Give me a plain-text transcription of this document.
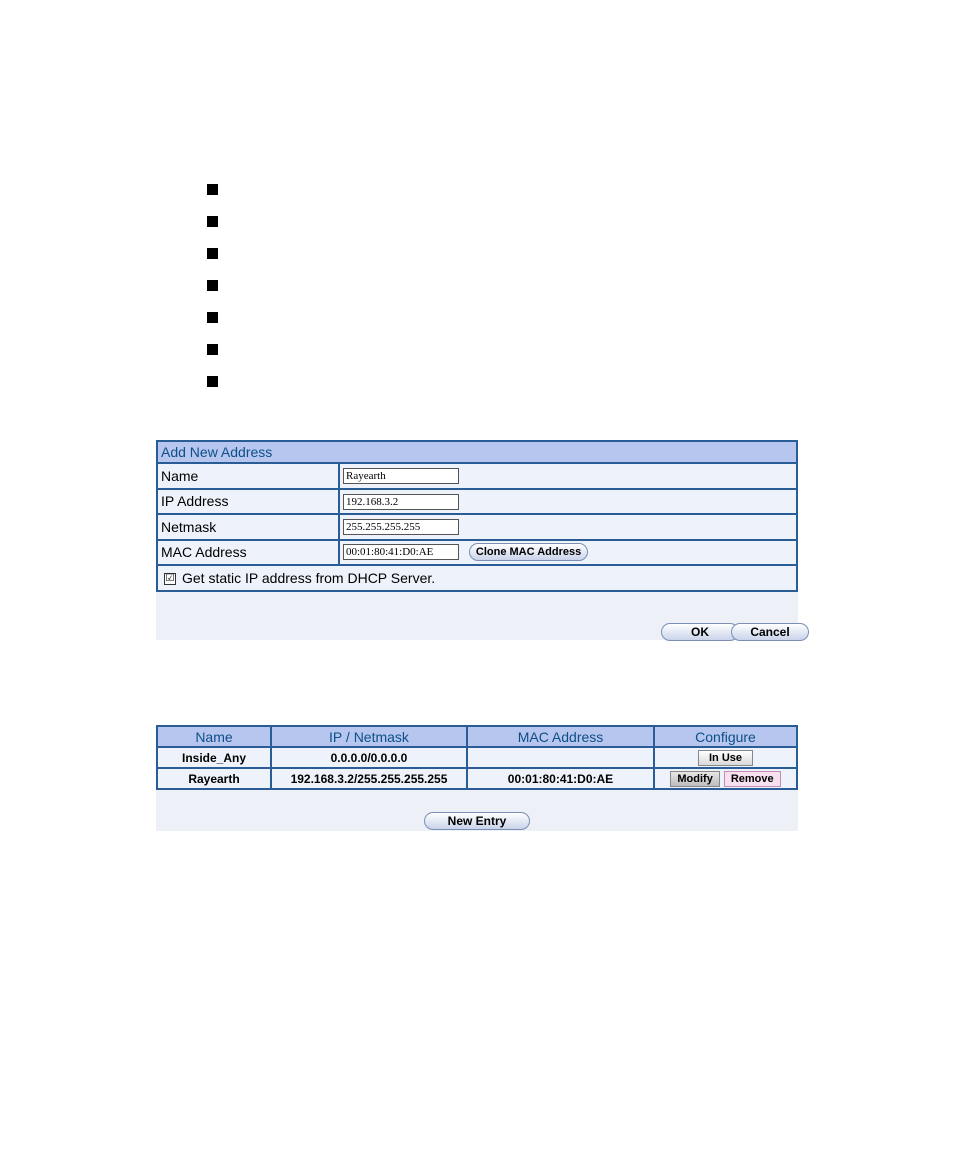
Add New Address	
Name	Rayearth
IP Address	192.168.3.2
Netmask	255.255.255.255
MAC Address	00:01:80:41:D0:AEClone MAC Address
☑ Get static IP address from DHCP Server.	
OK	Cancel
Name	IP / Netmask	MAC Address	Configure
Inside_Any	0.0.0.0/0.0.0.0		In Use
Rayearth	192.168.3.2/255.255.255.255	00:01:80:41:D0:AE	Modify Remove
New Entry
